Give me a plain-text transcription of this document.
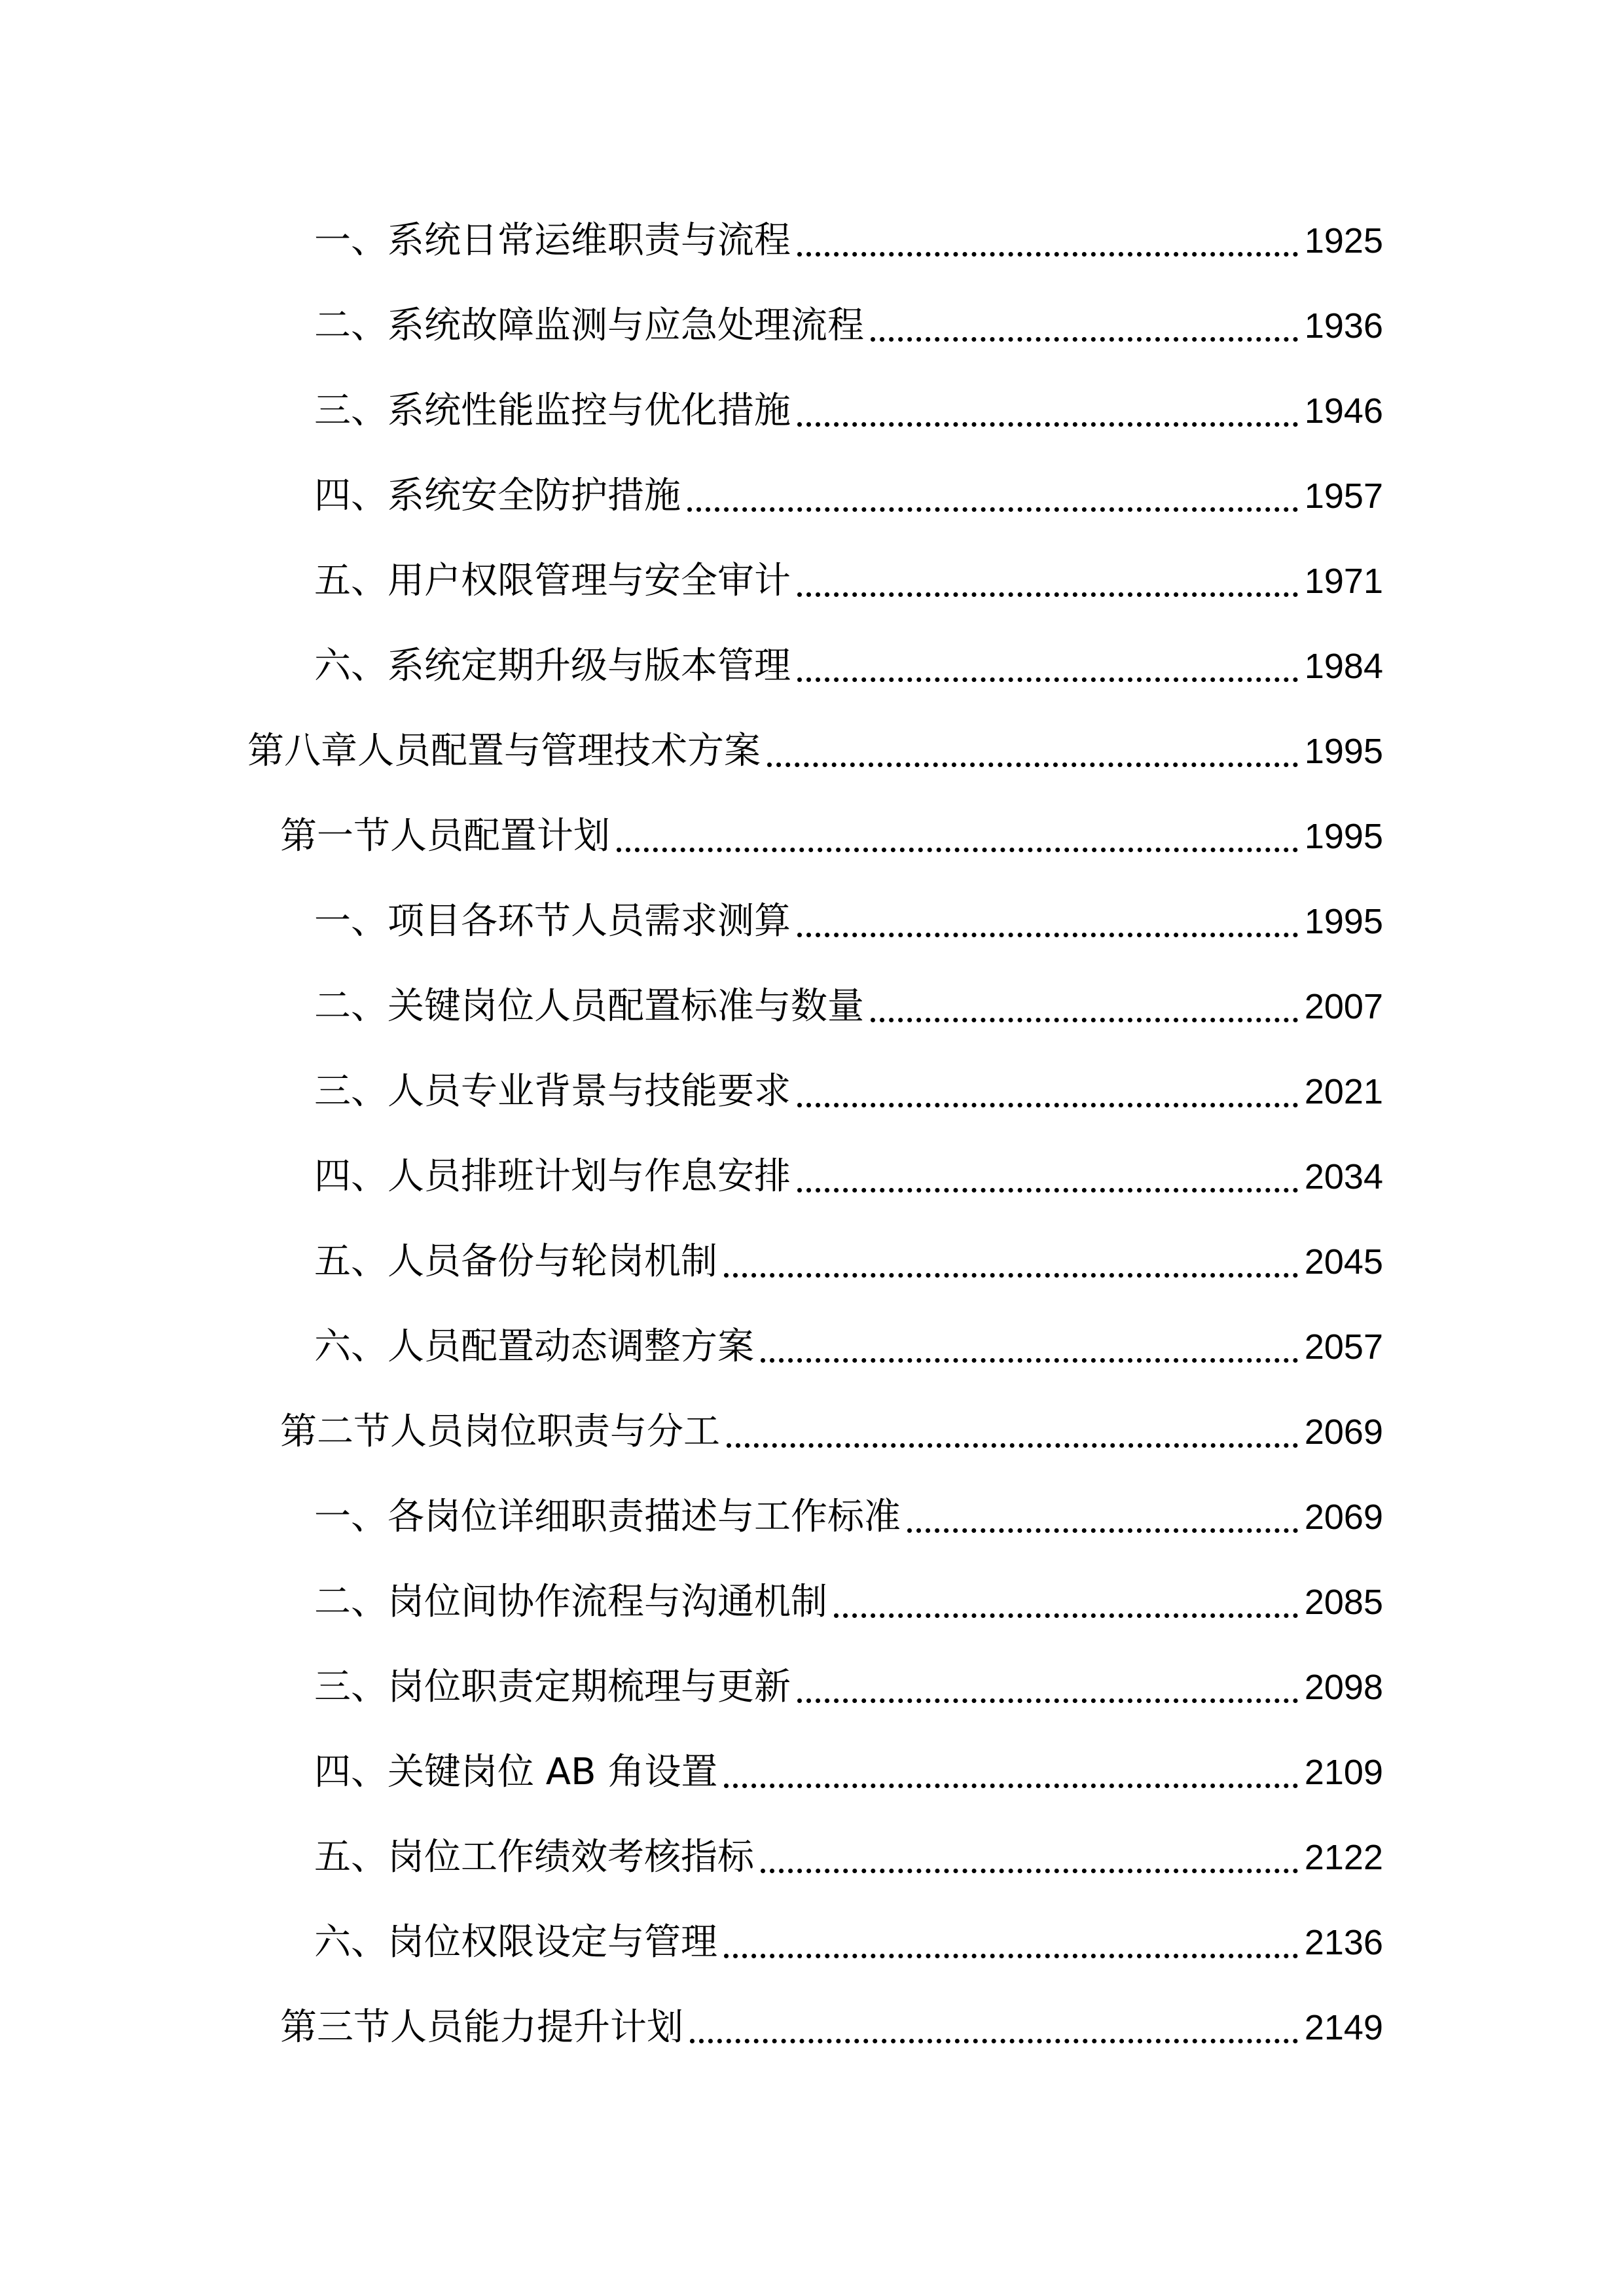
一、系统日常运维职责与流程	1925
二、系统故障监测与应急处理流程	1936
三、系统性能监控与优化措施	1946
四、系统安全防护措施	1957
五、用户权限管理与安全审计	1971
六、系统定期升级与版本管理	1984
第八章人员配置与管理技术方案	1995
第一节人员配置计划	1995
一、项目各环节人员需求测算	1995
二、关键岗位人员配置标准与数量	2007
三、人员专业背景与技能要求	2021
四、人员排班计划与作息安排	2034
五、人员备份与轮岗机制	2045
六、人员配置动态调整方案	2057
第二节人员岗位职责与分工	2069
一、各岗位详细职责描述与工作标准	2069
二、岗位间协作流程与沟通机制	2085
三、岗位职责定期梳理与更新	2098
四、关键岗位 AB 角设置	2109
五、岗位工作绩效考核指标	2122
六、岗位权限设定与管理	2136
第三节人员能力提升计划	2149
